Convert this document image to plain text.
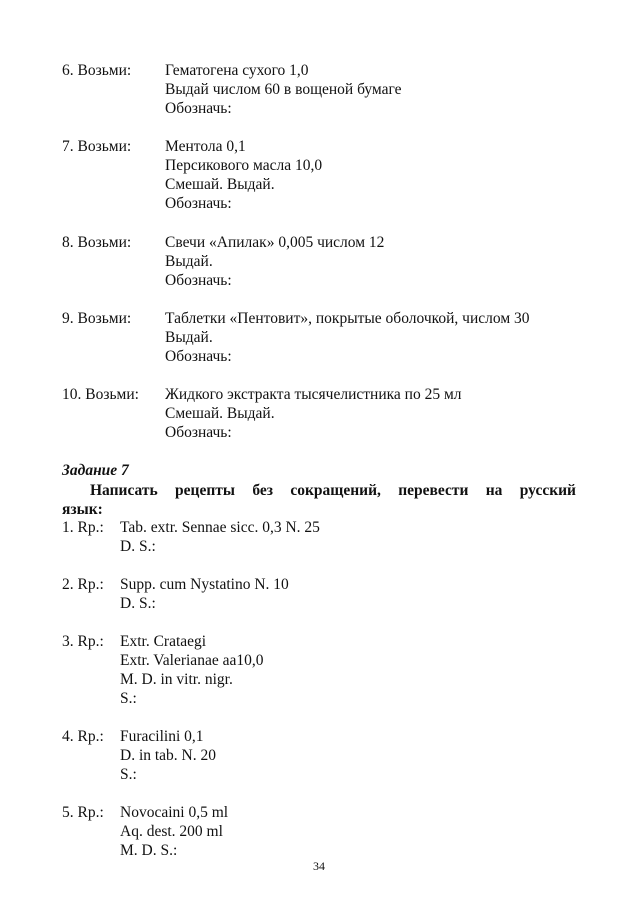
6. Возьми: Гематогена сухого 1,0
Выдай числом 60 в вощеной бумаге
Обозначь:
7. Возьми: Ментола 0,1
Персикового масла 10,0
Смешай. Выдай.
Обозначь:
8. Возьми: Свечи «Апилак» 0,005 числом 12
Выдай.
Обозначь:
9. Возьми: Таблетки «Пентовит», покрытые оболочкой, числом 30
Выдай.
Обозначь:
10. Возьми: Жидкого экстракта тысячелистника по 25 мл
Смешай. Выдай.
Обозначь:
Задание 7
Написать рецепты без сокращений, перевести на русский
язык:
1. Rp.: Tab. extr. Sennae sicc. 0,3 N. 25
D. S.:
2. Rp.: Supp. cum Nystatino N. 10
D. S.:
3. Rp.: Extr. Crataegi
Extr. Valerianae aa10,0
M. D. in vitr. nigr.
S.:
4. Rp.: Furacilini 0,1
D. in tab. N. 20
S.:
5. Rp.: Novocaini 0,5 ml
Aq. dest. 200 ml
M. D. S.:
34
